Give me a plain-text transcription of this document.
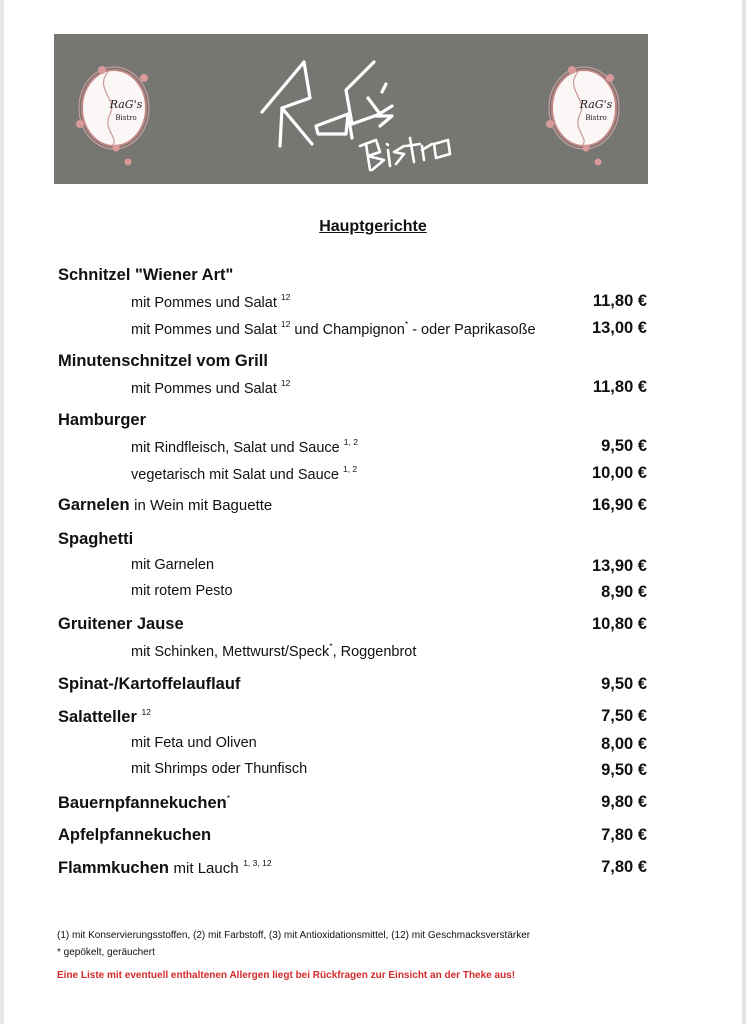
RaG's
Bistro
RaG's
Bistro
Hauptgerichte
Schnitzel "Wiener Art"
mit Pommes und Salat $^{12}$	11,80 €
mit Pommes und Salat $^{12}$ und Champignon* - oder Paprikasoße	13,00 €
Minutenschnitzel vom Grill
mit Pommes und Salat $^{12}$	11,80 €
Hamburger
mit Rindfleisch, Salat und Sauce $^{1, 2}$	9,50 €
vegetarisch mit Salat und Sauce $^{1, 2}$	10,00 €
Garnelen in Wein mit Baguette	16,90 €
Spaghetti
mit Garnelen	13,90 €
mit rotem Pesto	8,90 €
Gruitener Jause	10,80 €
mit Schinken, Mettwurst/Speck*, Roggenbrot
Spinat-/Kartoffelauflauf	9,50 €
Salatteller $^{12}$	7,50 €
mit Feta und Oliven	8,00 €
mit Shrimps oder Thunfisch	9,50 €
Bauernpfannekuchen*	9,80 €
Apfelpfannekuchen	7,80 €
Flammkuchen mit Lauch $^{1, 3, 12}$	7,80 €
(1) mit Konservierungsstoffen, (2) mit Farbstoff, (3) mit Antioxidationsmittel, (12) mit Geschmacksverstärker
* gepökelt, geräuchert
Eine Liste mit eventuell enthaltenen Allergen liegt bei Rückfragen zur Einsicht an der Theke aus!
